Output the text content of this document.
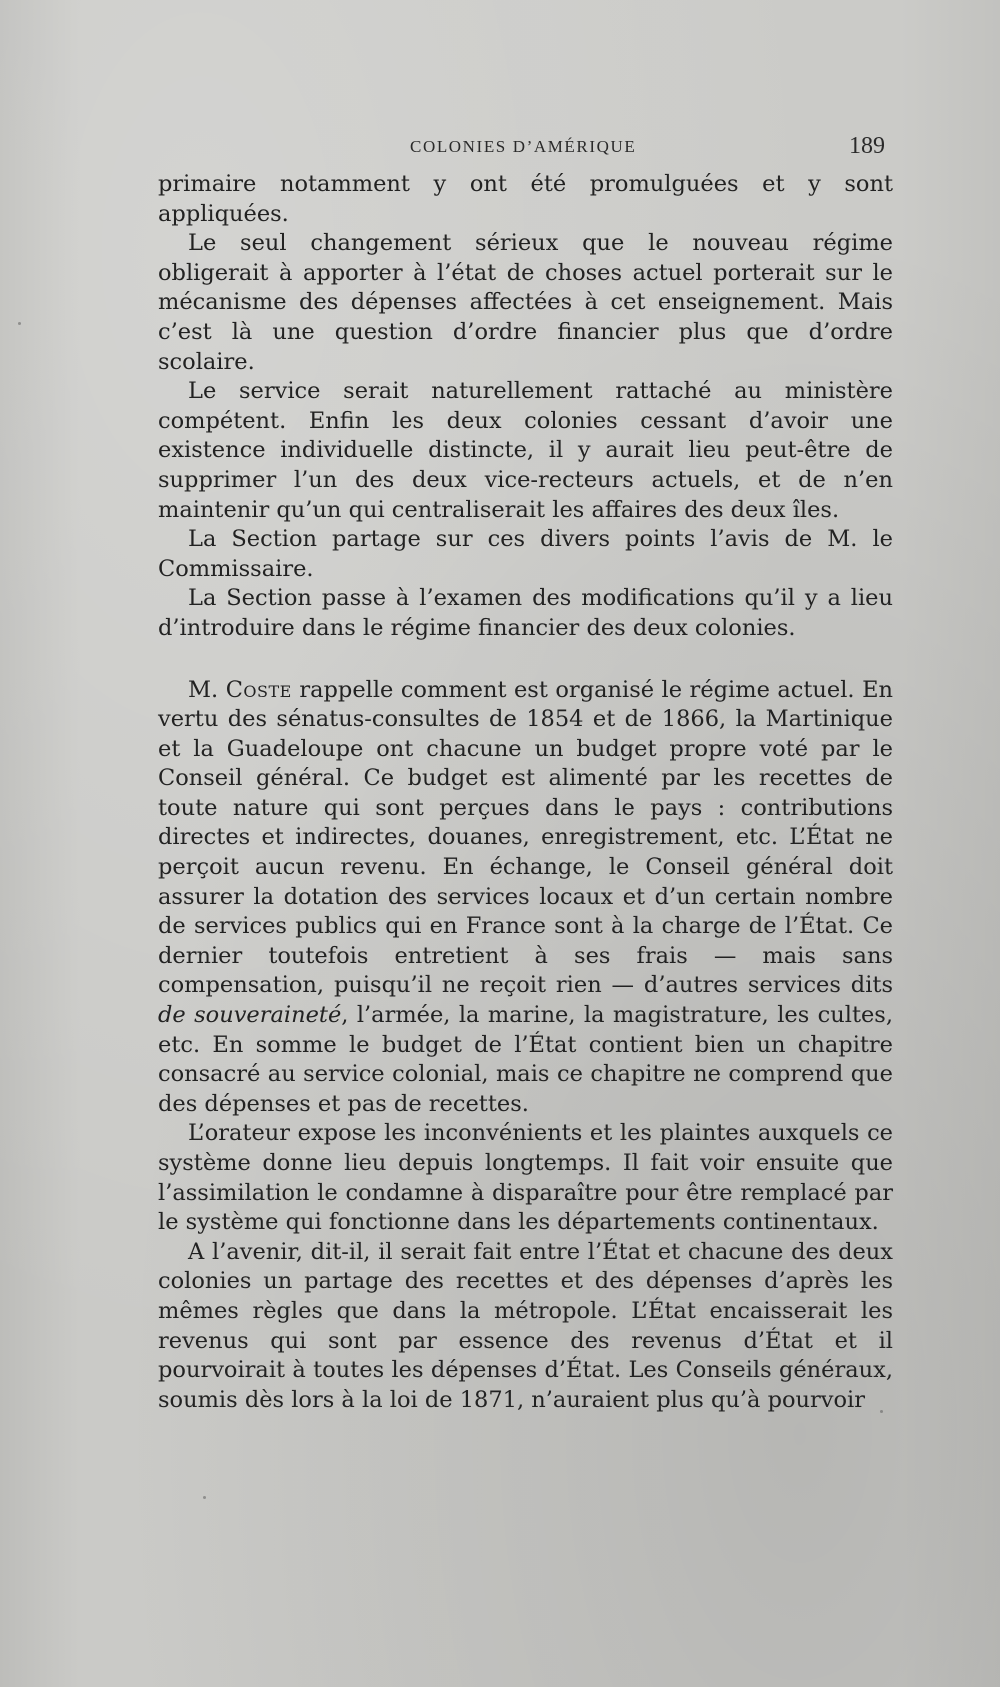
COLONIES D’AMÉRIQUE	189

primaire notamment y ont été promulguées et y sont appliquées.

Le seul changement sérieux que le nouveau régime obligerait à apporter à l’état de choses actuel porterait sur le mécanisme des dépenses affectées à cet enseignement. Mais c’est là une question d’ordre financier plus que d’ordre scolaire.

Le service serait naturellement rattaché au ministère compétent. Enfin les deux colonies cessant d’avoir une existence individuelle distincte, il y aurait lieu peut-être de supprimer l’un des deux vice-recteurs actuels, et de n’en maintenir qu’un qui centraliserait les affaires des deux îles.

La Section partage sur ces divers points l’avis de M. le Commissaire.

La Section passe à l’examen des modifications qu’il y a lieu d’introduire dans le régime financier des deux colonies.

M. Coste rappelle comment est organisé le régime actuel. En vertu des sénatus-consultes de 1854 et de 1866, la Martinique et la Guadeloupe ont chacune un budget propre voté par le Conseil général. Ce budget est alimenté par les recettes de toute nature qui sont perçues dans le pays : contributions directes et indirectes, douanes, enregistrement, etc. L’État ne perçoit aucun revenu. En échange, le Conseil général doit assurer la dotation des services locaux et d’un certain nombre de services publics qui en France sont à la charge de l’État. Ce dernier toutefois entretient à ses frais — mais sans compensation, puisqu’il ne reçoit rien — d’autres services dits de souveraineté, l’armée, la marine, la magistrature, les cultes, etc. En somme le budget de l’État contient bien un chapitre consacré au service colonial, mais ce chapitre ne comprend que des dépenses et pas de recettes.

L’orateur expose les inconvénients et les plaintes auxquels ce système donne lieu depuis longtemps. Il fait voir ensuite que l’assimilation le condamne à disparaître pour être remplacé par le système qui fonctionne dans les départements continentaux.

A l’avenir, dit-il, il serait fait entre l’État et chacune des deux colonies un partage des recettes et des dépenses d’après les mêmes règles que dans la métropole. L’État encaisserait les revenus qui sont par essence des revenus d’État et il pourvoirait à toutes les dépenses d’État. Les Conseils généraux, soumis dès lors à la loi de 1871, n’auraient plus qu’à pourvoir
